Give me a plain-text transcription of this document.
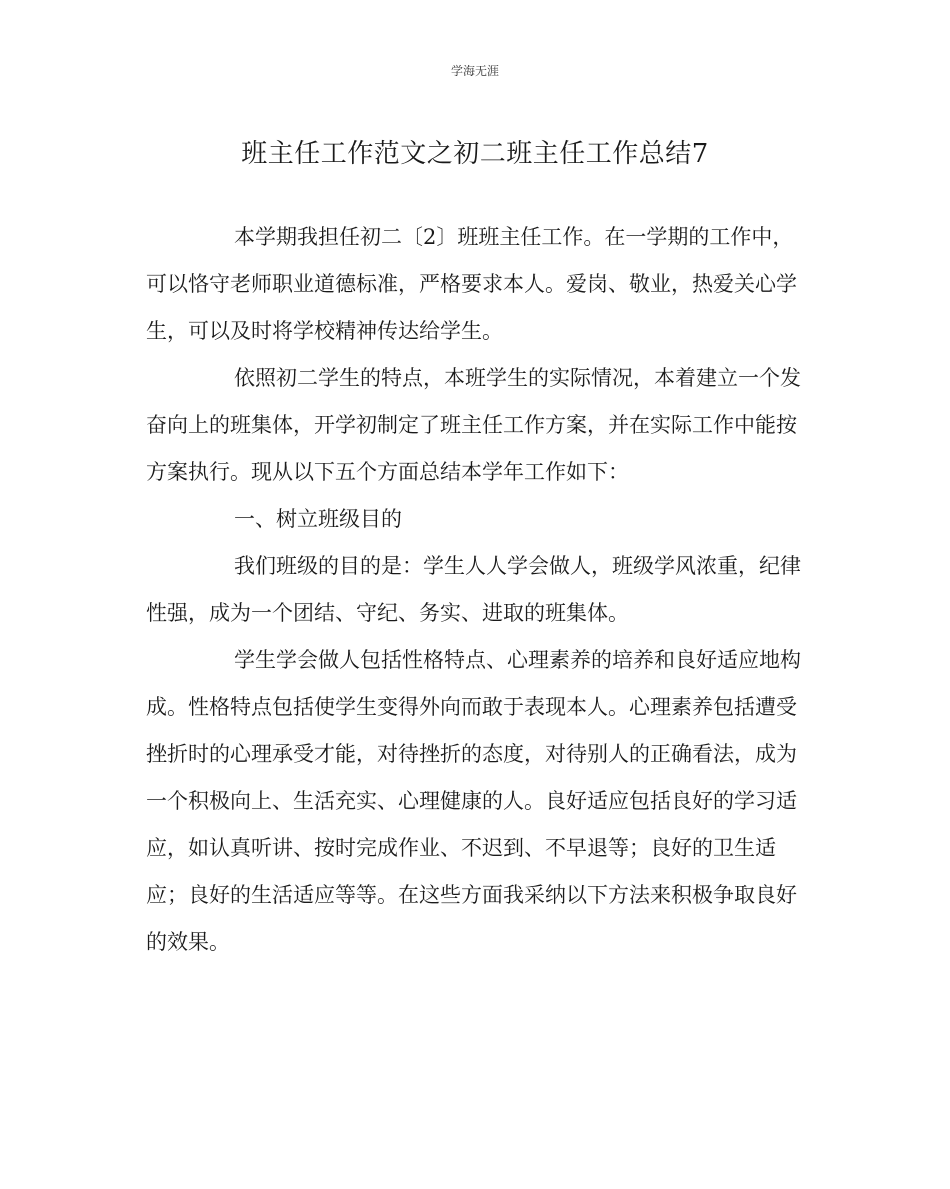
学海无涯
班主任工作范文之初二班主任工作总结7

本学期我担任初二〔2〕班班主任工作。在一学期的工作中，可以恪守老师职业道德标准，严格要求本人。爱岗、敬业，热爱关心学生，可以及时将学校精神传达给学生。

依照初二学生的特点，本班学生的实际情况，本着建立一个发奋向上的班集体，开学初制定了班主任工作方案，并在实际工作中能按方案执行。现从以下五个方面总结本学年工作如下：

一、树立班级目的

我们班级的目的是：学生人人学会做人，班级学风浓重，纪律性强，成为一个团结、守纪、务实、进取的班集体。

学生学会做人包括性格特点、心理素养的培养和良好适应地构成。性格特点包括使学生变得外向而敢于表现本人。心理素养包括遭受挫折时的心理承受才能，对待挫折的态度，对待别人的正确看法，成为一个积极向上、生活充实、心理健康的人。良好适应包括良好的学习适应，如认真听讲、按时完成作业、不迟到、不早退等；良好的卫生适应；良好的生活适应等等。在这些方面我采纳以下方法来积极争取良好的效果。
